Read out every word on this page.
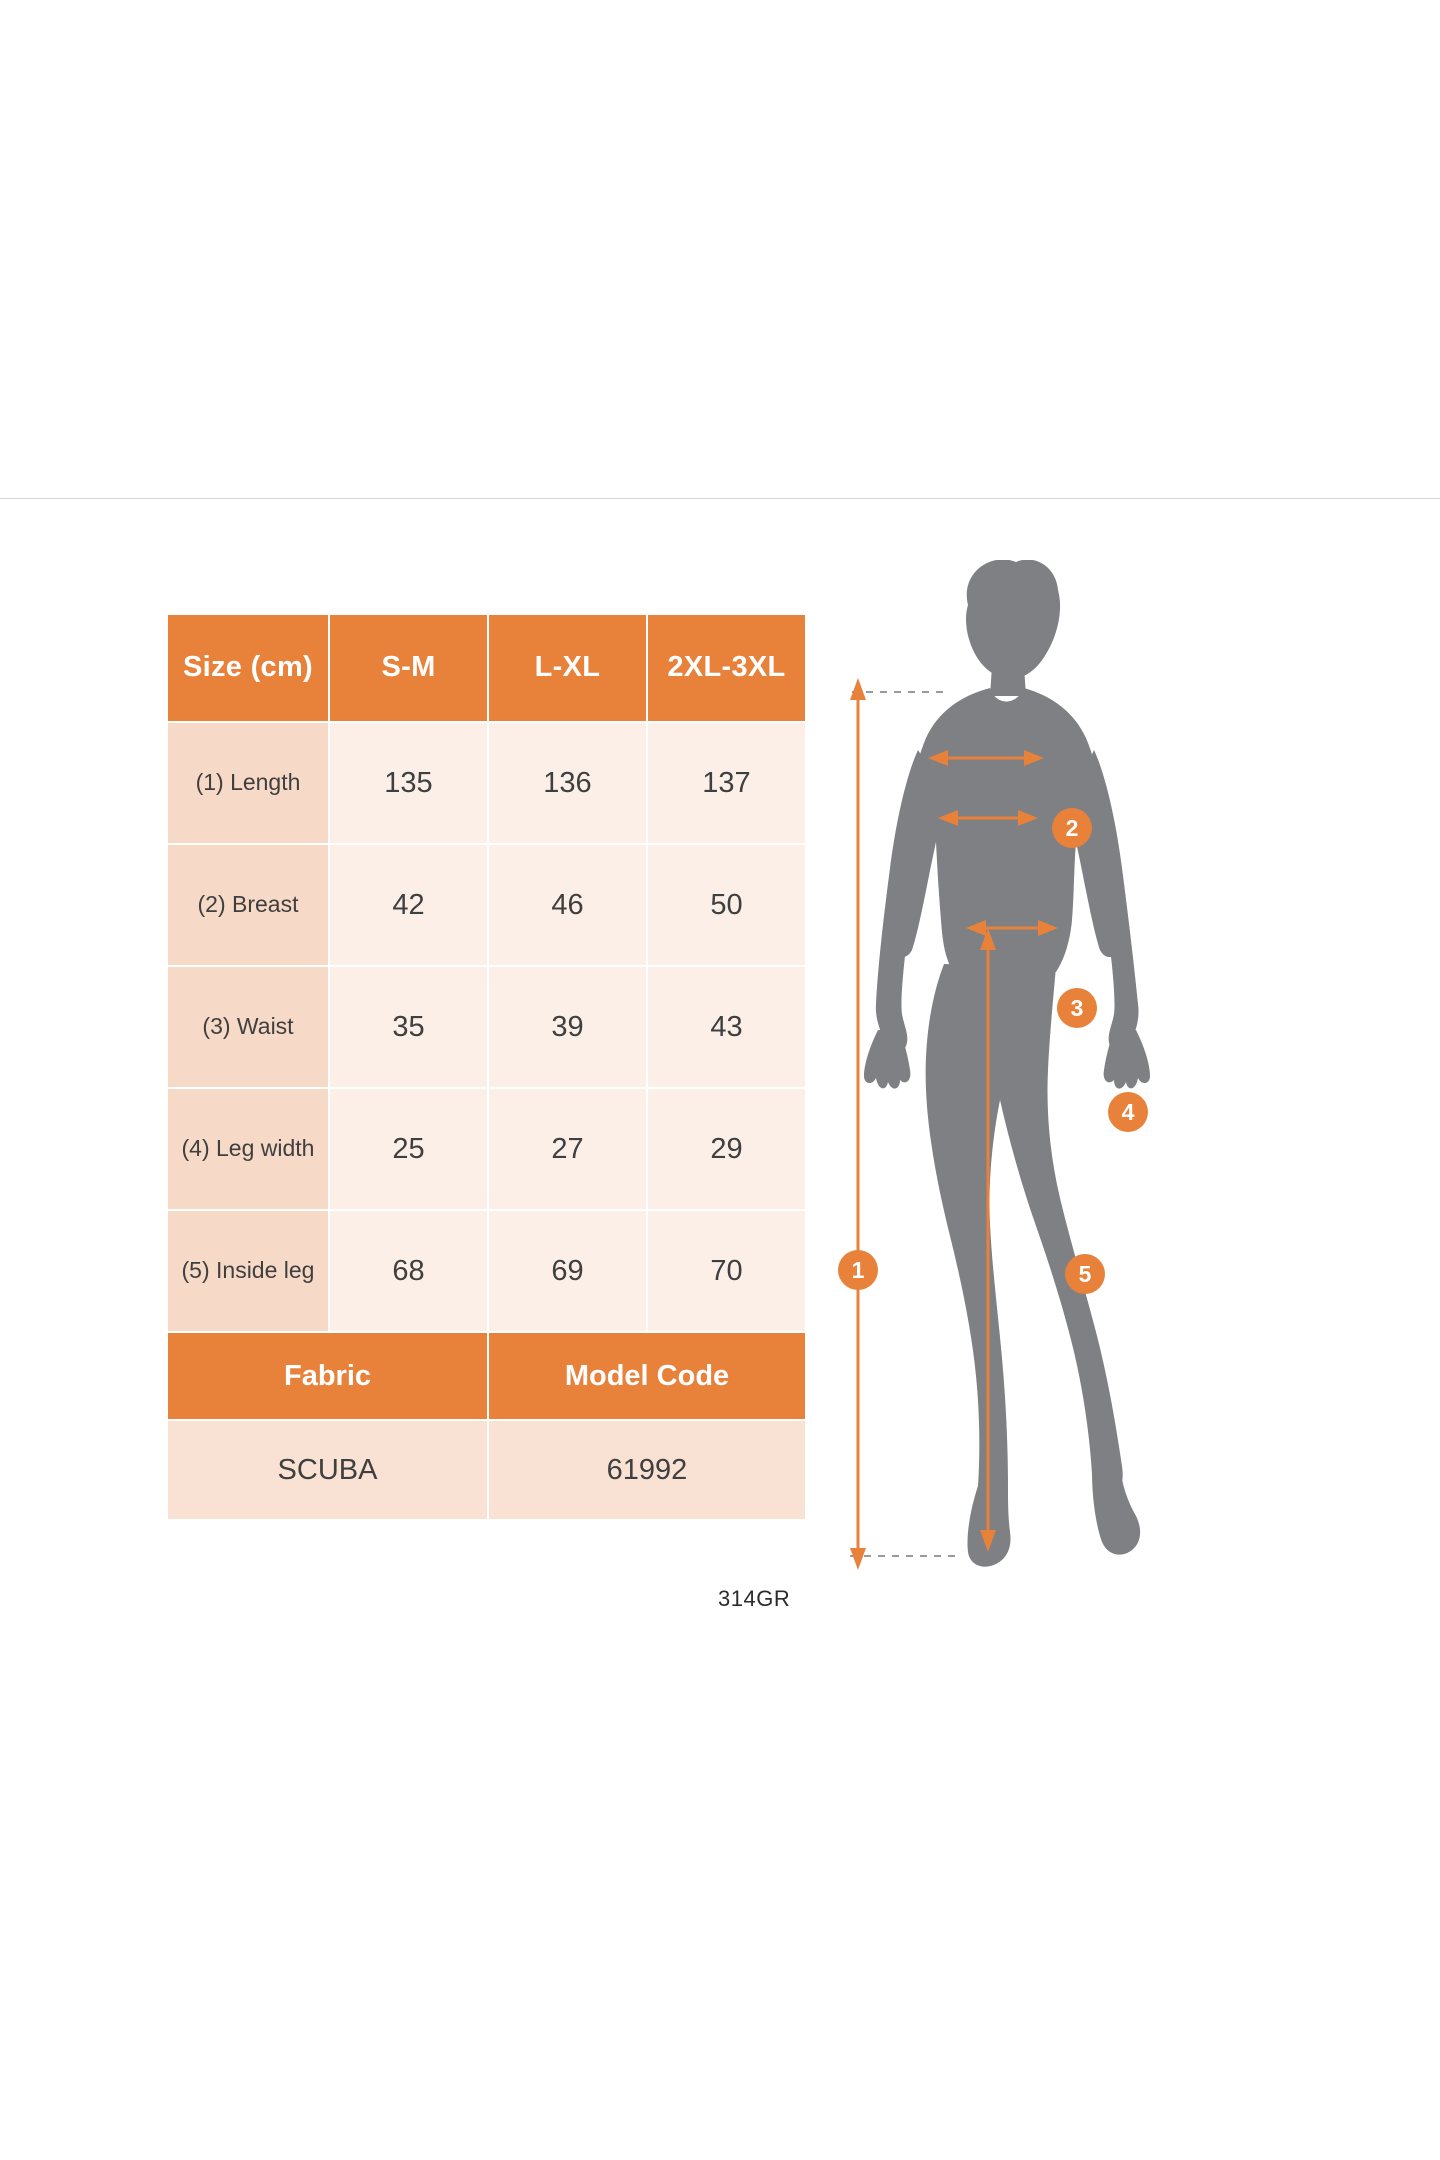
Size (cm)	S-M	L-XL	2XL-3XL
(1) Length	135	136	137
(2) Breast	42	46	50
(3) Waist	35	39	43
(4) Leg width	25	27	29
(5) Inside leg	68	69	70
Fabric		Model Code	
SCUBA		61992	
314GR
1
2
3
4
5
